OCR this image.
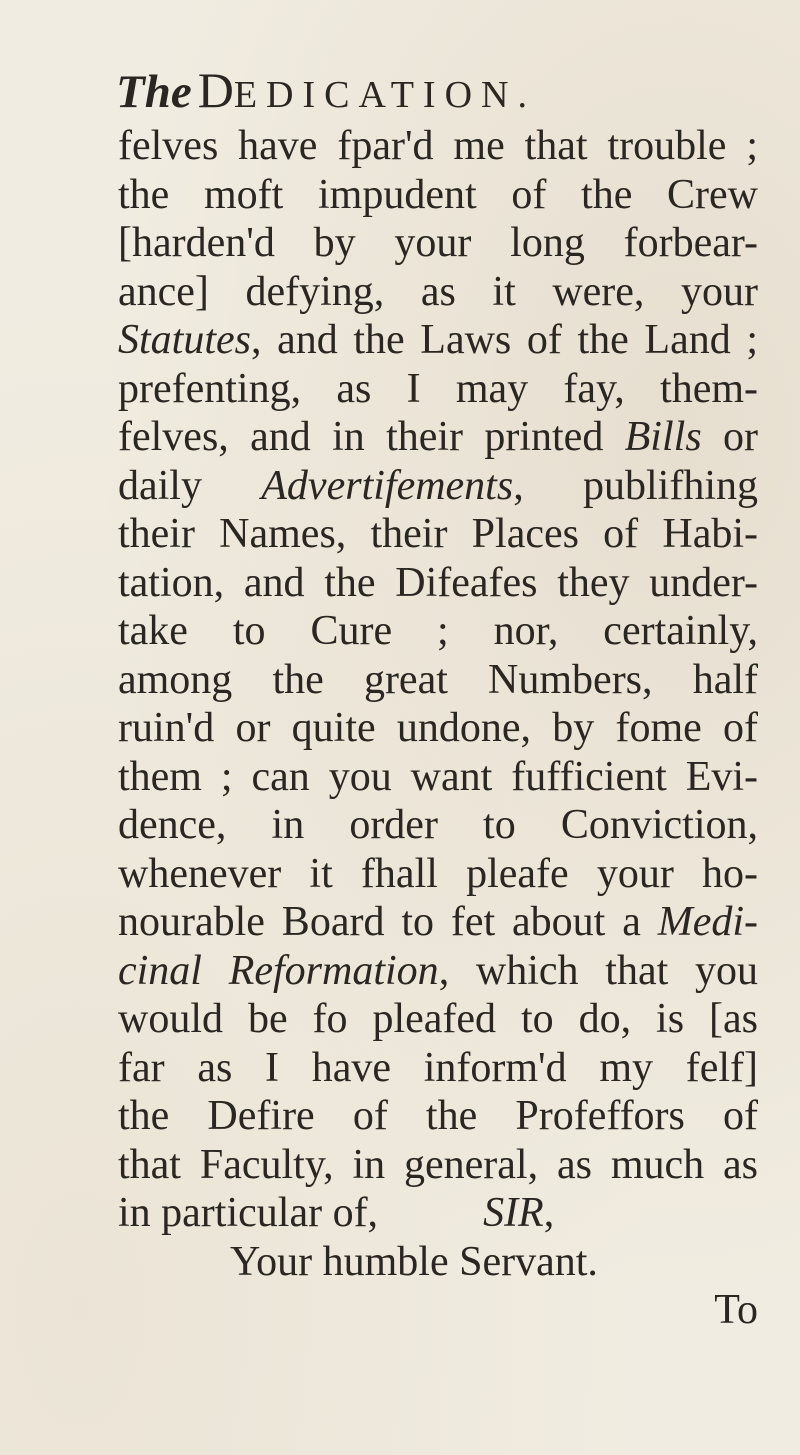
The DEDICATION.
felves have fpar'd me that trouble ;
the moft impudent of the Crew
[harden'd by your long forbear-
ance] defying, as it were, your
Statutes, and the Laws of the Land ;
prefenting, as I may fay, them-
felves, and in their printed Bills or
daily Advertifements, publifhing
their Names, their Places of Habi-
tation, and the Difeafes they under-
take to Cure ; nor, certainly,
among the great Numbers, half
ruin'd or quite undone, by fome of
them ; can you want fufficient Evi-
dence, in order to Conviction,
whenever it fhall pleafe your ho-
nourable Board to fet about a Medi-
cinal Reformation, which that you
would be fo pleafed to do, is [as
far as I have inform'd my felf]
the Defire of the Profeffors of
that Faculty, in general, as much as
in particular of,          SIR,
Your humble Servant.
To
